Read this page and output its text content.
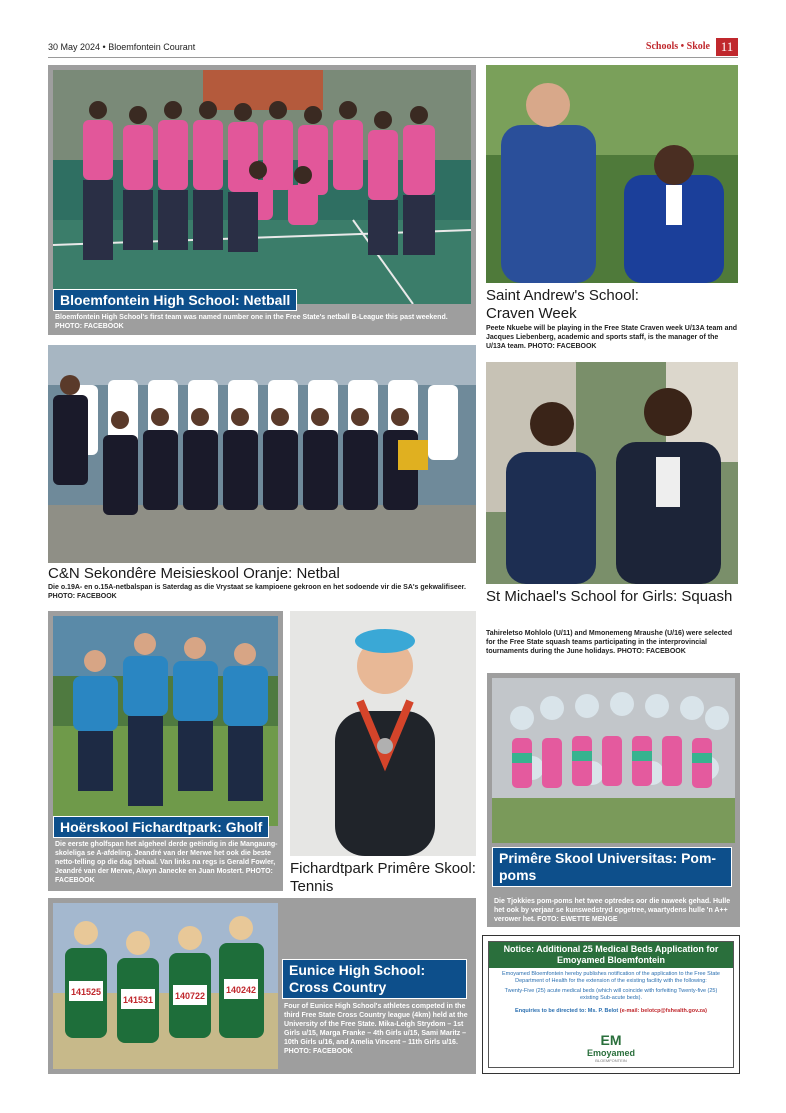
30 May 2024 • Bloemfontein Courant	Schools • Skole 11
Bloemfontein High School: Netball
Bloemfontein High School's first team was named number one in the Free State's netball B-League this past weekend. PHOTO: FACEBOOK
Saint Andrew's School: Craven Week
Peete Nkuebe will be playing in the Free State Craven week U/13A team and Jacques Liebenberg, academic and sports staff, is the manager of the U/13A team. PHOTO: FACEBOOK
C&N Sekondêre Meisieskool Oranje: Netbal
Die o.19A- en o.15A-netbalspan is Saterdag as die Vrystaat se kampioene gekroon en het sodoende vir die SA's gekwalifiseer. PHOTO: FACEBOOK	St Michael's School for Girls: Squash
Tahireletso Mohlolo (U/11) and Mmonemeng Mraushe (U/16) were selected for the Free State squash teams participating in the interprovincial tournaments during the June holidays. PHOTO: FACEBOOK
Hoërskool Fichardtpark: Gholf
Die eerste gholfspan het algeheel derde geëindig in die Mangaung-skoleliga se A-afdeling. Jeandré van der Merwe het ook die beste netto-telling op die dag behaal. Van links na regs is Gerald Fowler, Jeandré van der Merwe, Alwyn Janecke en Juan Mostert. PHOTO: FACEBOOK
Fichardtpark Primêre Skool: Tennis
Primêre Skool Universitas: Pom-poms
Die Tjokkies pom-poms het twee optredes oor die naweek gehad. Hulle het ook by verjaar se kunswedstryd opgetree, waartydens hulle 'n A++ verower het. FOTO: EWETTE MENGE
141525
141531 140722
140242
Eunice High School: Cross Country
Four of Eunice High School's athletes competed in the third Free State Cross Country league (4km) held at the University of the Free State. Mika-Leigh Strydom – 1st Girls u/15, Marga Franke – 4th Girls u/15, Sami Maritz – 10th Girls u/16, and Amelia Vincent – 11th Girls u/16. PHOTO: FACEBOOK
Notice: Additional 25 Medical Beds Application for Emoyamed Bloemfontein
Emoyamed Bloemfontein hereby publishes notification of the application to the Free State Department of Health for the extension of the existing facility with the following:
Twenty-Five (25) acute medical beds (which will coincide with forfeiting Twenty-five (25) existing Sub-acute beds).
Enquiries to be directed to: Ms. P. Belot (e-mail: belotcp@fshealth.gov.za)
EM
Emoyamed
BLOEMFONTEIN
